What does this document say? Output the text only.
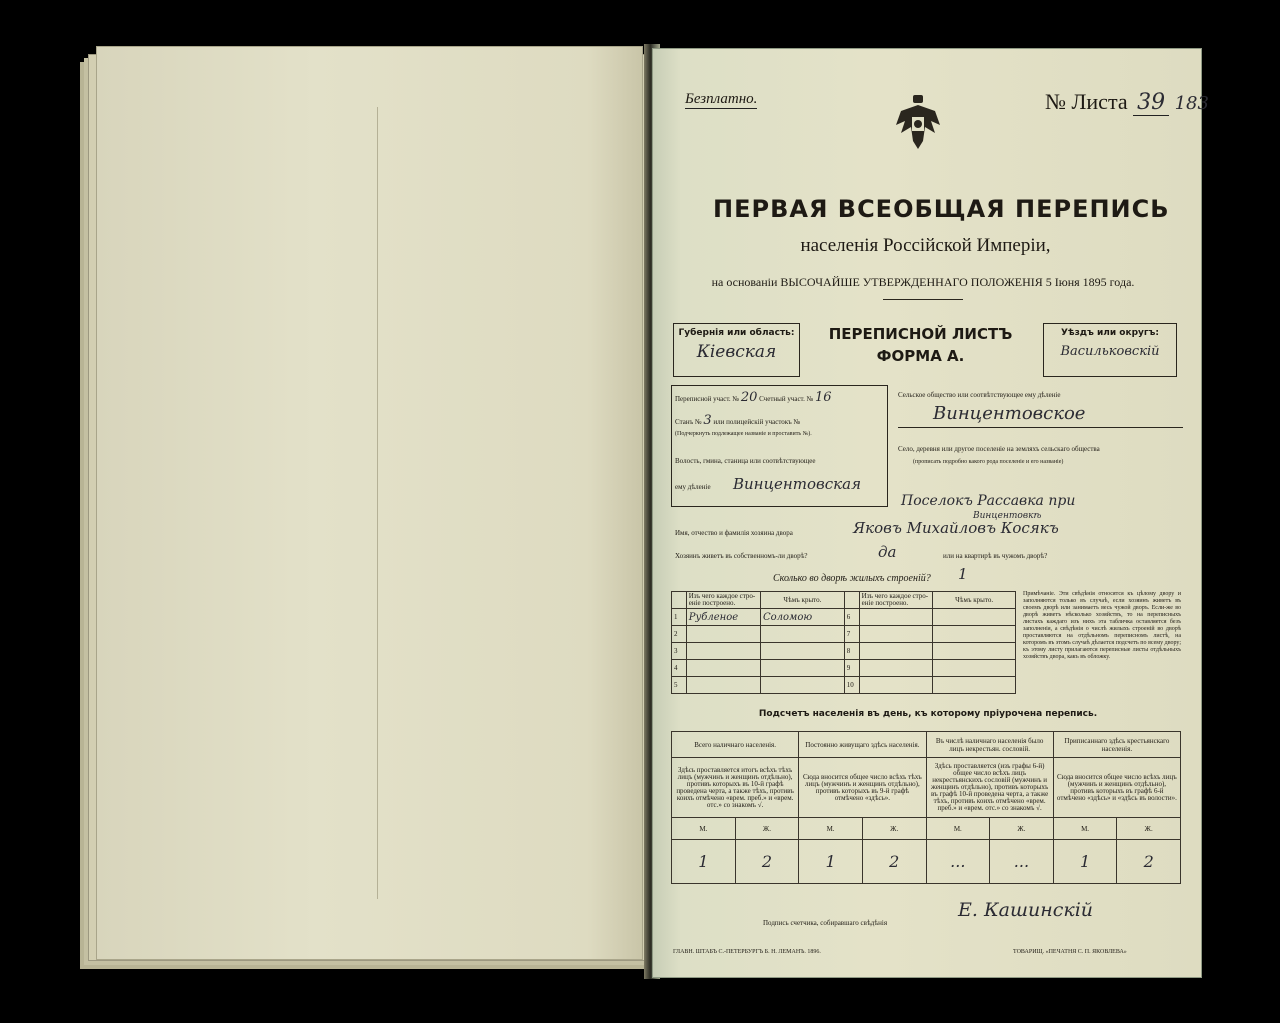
Безплатно.	№ Листа 39 183
ПЕРВАЯ ВСЕОБЩАЯ ПЕРЕПИСЬ
населенія Россійской Имперіи,
на основаніи ВЫСОЧАЙШЕ УТВЕРЖДЕННАГО ПОЛОЖЕНІЯ 5 Іюня 1895 года.
Губернія или область:
Кіевская
ПЕРЕПИСНОЙ ЛИСТЪ
ФОРМА А.
Уѣздъ или округъ:
Васильковскій
Переписной участ. № 20 Счетный участ. № 16
Станъ № 3 или полицейскій участокъ №
(Подчеркнуть подлежащее названіе и проставить №).
Волость, гмина, станица или соотвѣтствующее
ему дѣленіе Винцентовская
Сельское общество или соотвѣтствующее ему дѣленіе
Винцентовское
Село, деревня или другое поселеніе на земляхъ сельскаго общества
(прописать подробно какого рода поселеніе и его названіе)
Поселокъ Рассавка при
Винцентовкѣ
Имя, отчество и фамилія хозяина двора	Яковъ Михайловъ Косякъ
Хозяинъ живетъ въ собственномъ-ли дворѣ?	да	или на квартирѣ въ чужомъ дворѣ?
Сколько во дворѣ жилыхъ строеній? 1
	Изъ чего каждое стро-еніе построено.	Чѣмъ крыто.		Изъ чего каждое стро-еніе построено.	Чѣмъ крыто.
1	Рубленое	Соломою	6		
2			7		
3			8		
4			9		
5			10		
Примѣчаніе. Эти свѣдѣнія относятся къ цѣлому двору и заполняются только въ случаѣ, если хозяинъ живетъ въ своемъ дворѣ или занимаетъ весь чужой дворъ. Если-же во дворѣ живетъ нѣсколько хозяйствъ, то на переписныхъ листахъ каждаго изъ нихъ эта табличка оставляется безъ заполненія, а свѣдѣнія о числѣ жилыхъ строеній во дворѣ проставляются на отдѣльномъ переписномъ листѣ, на которомъ въ этомъ случаѣ дѣлается подсчетъ по всему двору; къ этому листу прилагаются переписные листы отдѣльныхъ хозяйствъ двора, какъ въ обложку.
Подсчетъ населенія въ день, къ которому пріурочена перепись.
Всего наличнаго населенія.		Постоянно живущаго здѣсь населенія.		Въ числѣ наличнаго населенія было лицъ некрестьян. сословій.		Приписаннаго здѣсь крестьянскаго населенія.	
Здѣсь проставляется итогъ всѣхъ тѣхъ лицъ (мужчинъ и женщинъ отдѣльно), противъ которыхъ въ 10-й графѣ проведена черта, а также тѣхъ, противъ коихъ отмѣчено «врем. преб.» и «врем. отс.» со знакомъ √.		Сюда вносится общее число всѣхъ тѣхъ лицъ (мужчинъ и женщинъ отдѣльно), противъ которыхъ въ 9-й графѣ отмѣчено «здѣсь».		Здѣсь проставляется (изъ графы 6-й) общее число всѣхъ лицъ некрестьянскихъ сословій (мужчинъ и женщинъ отдѣльно), противъ которыхъ въ графѣ 10-й проведена черта, а также тѣхъ, противъ коихъ отмѣчено «врем. преб.» и «врем. отс.» со знакомъ √.		Сюда вносится общее число всѣхъ лицъ (мужчинъ и женщинъ отдѣльно), противъ которыхъ въ графѣ 6-й отмѣчено «здѣсь» и «здѣсь въ волости».	
М.	Ж.	М.	Ж.	М.	Ж.	М.	Ж.
1	2	1	2	...	...	1	2
Подпись счетчика, собиравшаго свѣдѣнія
Е. Кашинскій
ГЛАВН. ШТАБЪ С.-ПЕТЕРБУРГЪ Б. Н. ЛЕМАНЪ. 1896.	ТОВАРИЩ. «ПЕЧАТНЯ С. П. ЯКОВЛЕВА»
